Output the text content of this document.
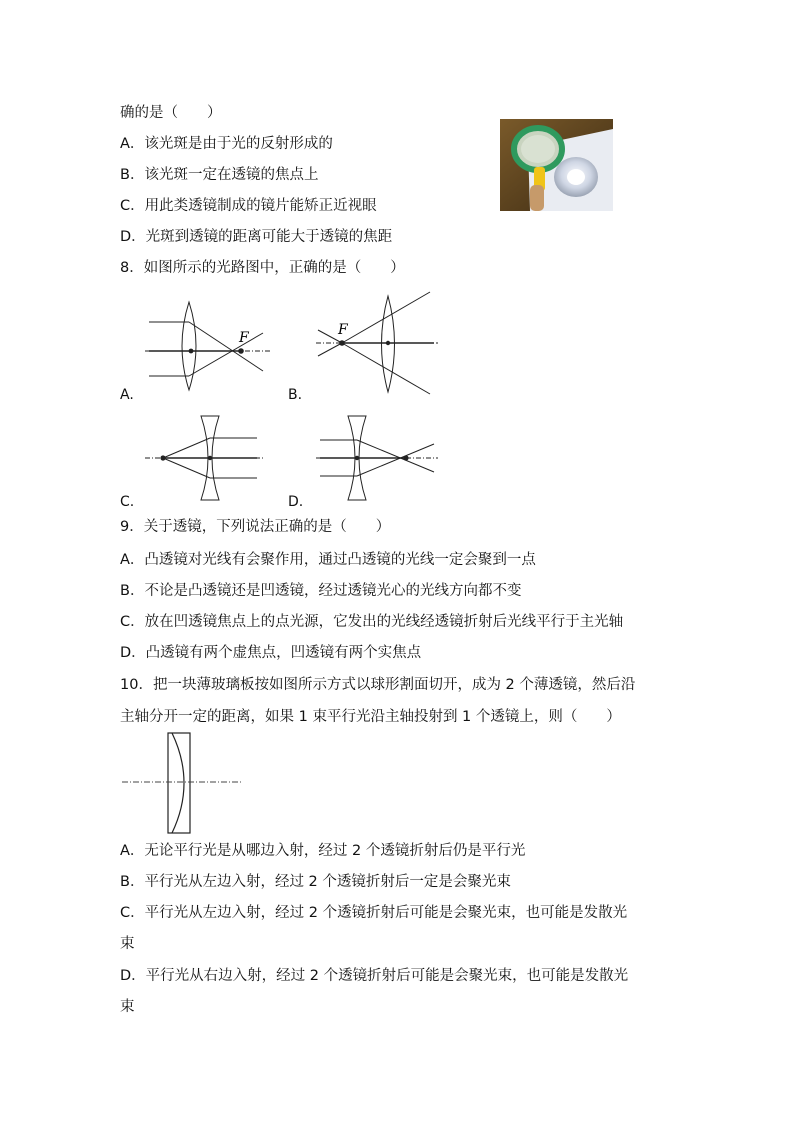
确的是（　　）
A．该光斑是由于光的反射形成的
B．该光斑一定在透镜的焦点上
C．用此类透镜制成的镜片能矫正近视眼
D．光斑到透镜的距离可能大于透镜的焦距
8．如图所示的光路图中，正确的是（　　）
F
A.
F
B.
C.	D.
9．关于透镜，下列说法正确的是（　　）
A．凸透镜对光线有会聚作用，通过凸透镜的光线一定会聚到一点
B．不论是凸透镜还是凹透镜，经过透镜光心的光线方向都不变
C．放在凹透镜焦点上的点光源，它发出的光线经透镜折射后光线平行于主光轴
D．凸透镜有两个虚焦点，凹透镜有两个实焦点
10．把一块薄玻璃板按如图所示方式以球形割面切开，成为 2 个薄透镜，然后沿
主轴分开一定的距离，如果 1 束平行光沿主轴投射到 1 个透镜上，则（　　）
A．无论平行光是从哪边入射，经过 2 个透镜折射后仍是平行光
B．平行光从左边入射，经过 2 个透镜折射后一定是会聚光束
C．平行光从左边入射，经过 2 个透镜折射后可能是会聚光束，也可能是发散光
束
D．平行光从右边入射，经过 2 个透镜折射后可能是会聚光束，也可能是发散光
束
